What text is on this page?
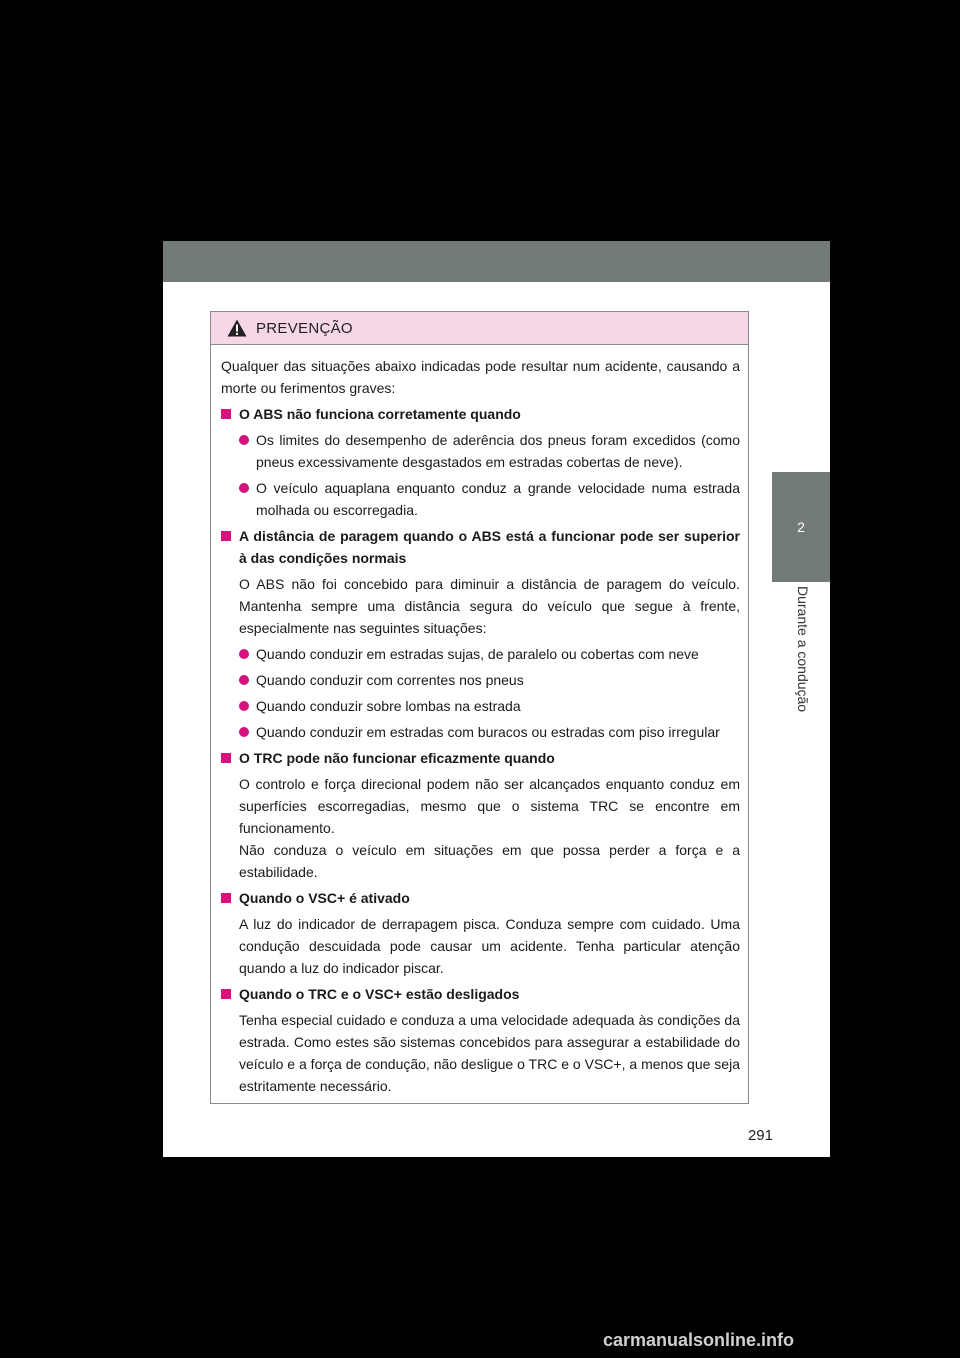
2
Durante a condução
PREVENÇÃO

Qualquer das situações abaixo indicadas pode resultar num acidente, causando a morte ou ferimentos graves:

O ABS não funciona corretamente quando
Os limites do desempenho de aderência dos pneus foram excedidos (como pneus excessivamente desgastados em estradas cobertas de neve).
O veículo aquaplana enquanto conduz a grande velocidade numa estrada molhada ou escorregadia.
A distância de paragem quando o ABS está a funcionar pode ser superior à das condições normais
O ABS não foi concebido para diminuir a distância de paragem do veículo. Mantenha sempre uma distância segura do veículo que segue à frente, especialmente nas seguintes situações:
Quando conduzir em estradas sujas, de paralelo ou cobertas com neve
Quando conduzir com correntes nos pneus
Quando conduzir sobre lombas na estrada
Quando conduzir em estradas com buracos ou estradas com piso irregular
O TRC pode não funcionar eficazmente quando
O controlo e força direcional podem não ser alcançados enquanto conduz em superfícies escorregadias, mesmo que o sistema TRC se encontre em funcionamento.
Não conduza o veículo em situações em que possa perder a força e a estabilidade.
Quando o VSC+ é ativado
A luz do indicador de derrapagem pisca. Conduza sempre com cuidado. Uma condução descuidada pode causar um acidente. Tenha particular atenção quando a luz do indicador piscar.
Quando o TRC e o VSC+ estão desligados
Tenha especial cuidado e conduza a uma velocidade adequada às condições da estrada. Como estes são sistemas concebidos para assegurar a estabilidade do veículo e a força de condução, não desligue o TRC e o VSC+, a menos que seja estritamente necessário.
291
carmanualsonline.info
